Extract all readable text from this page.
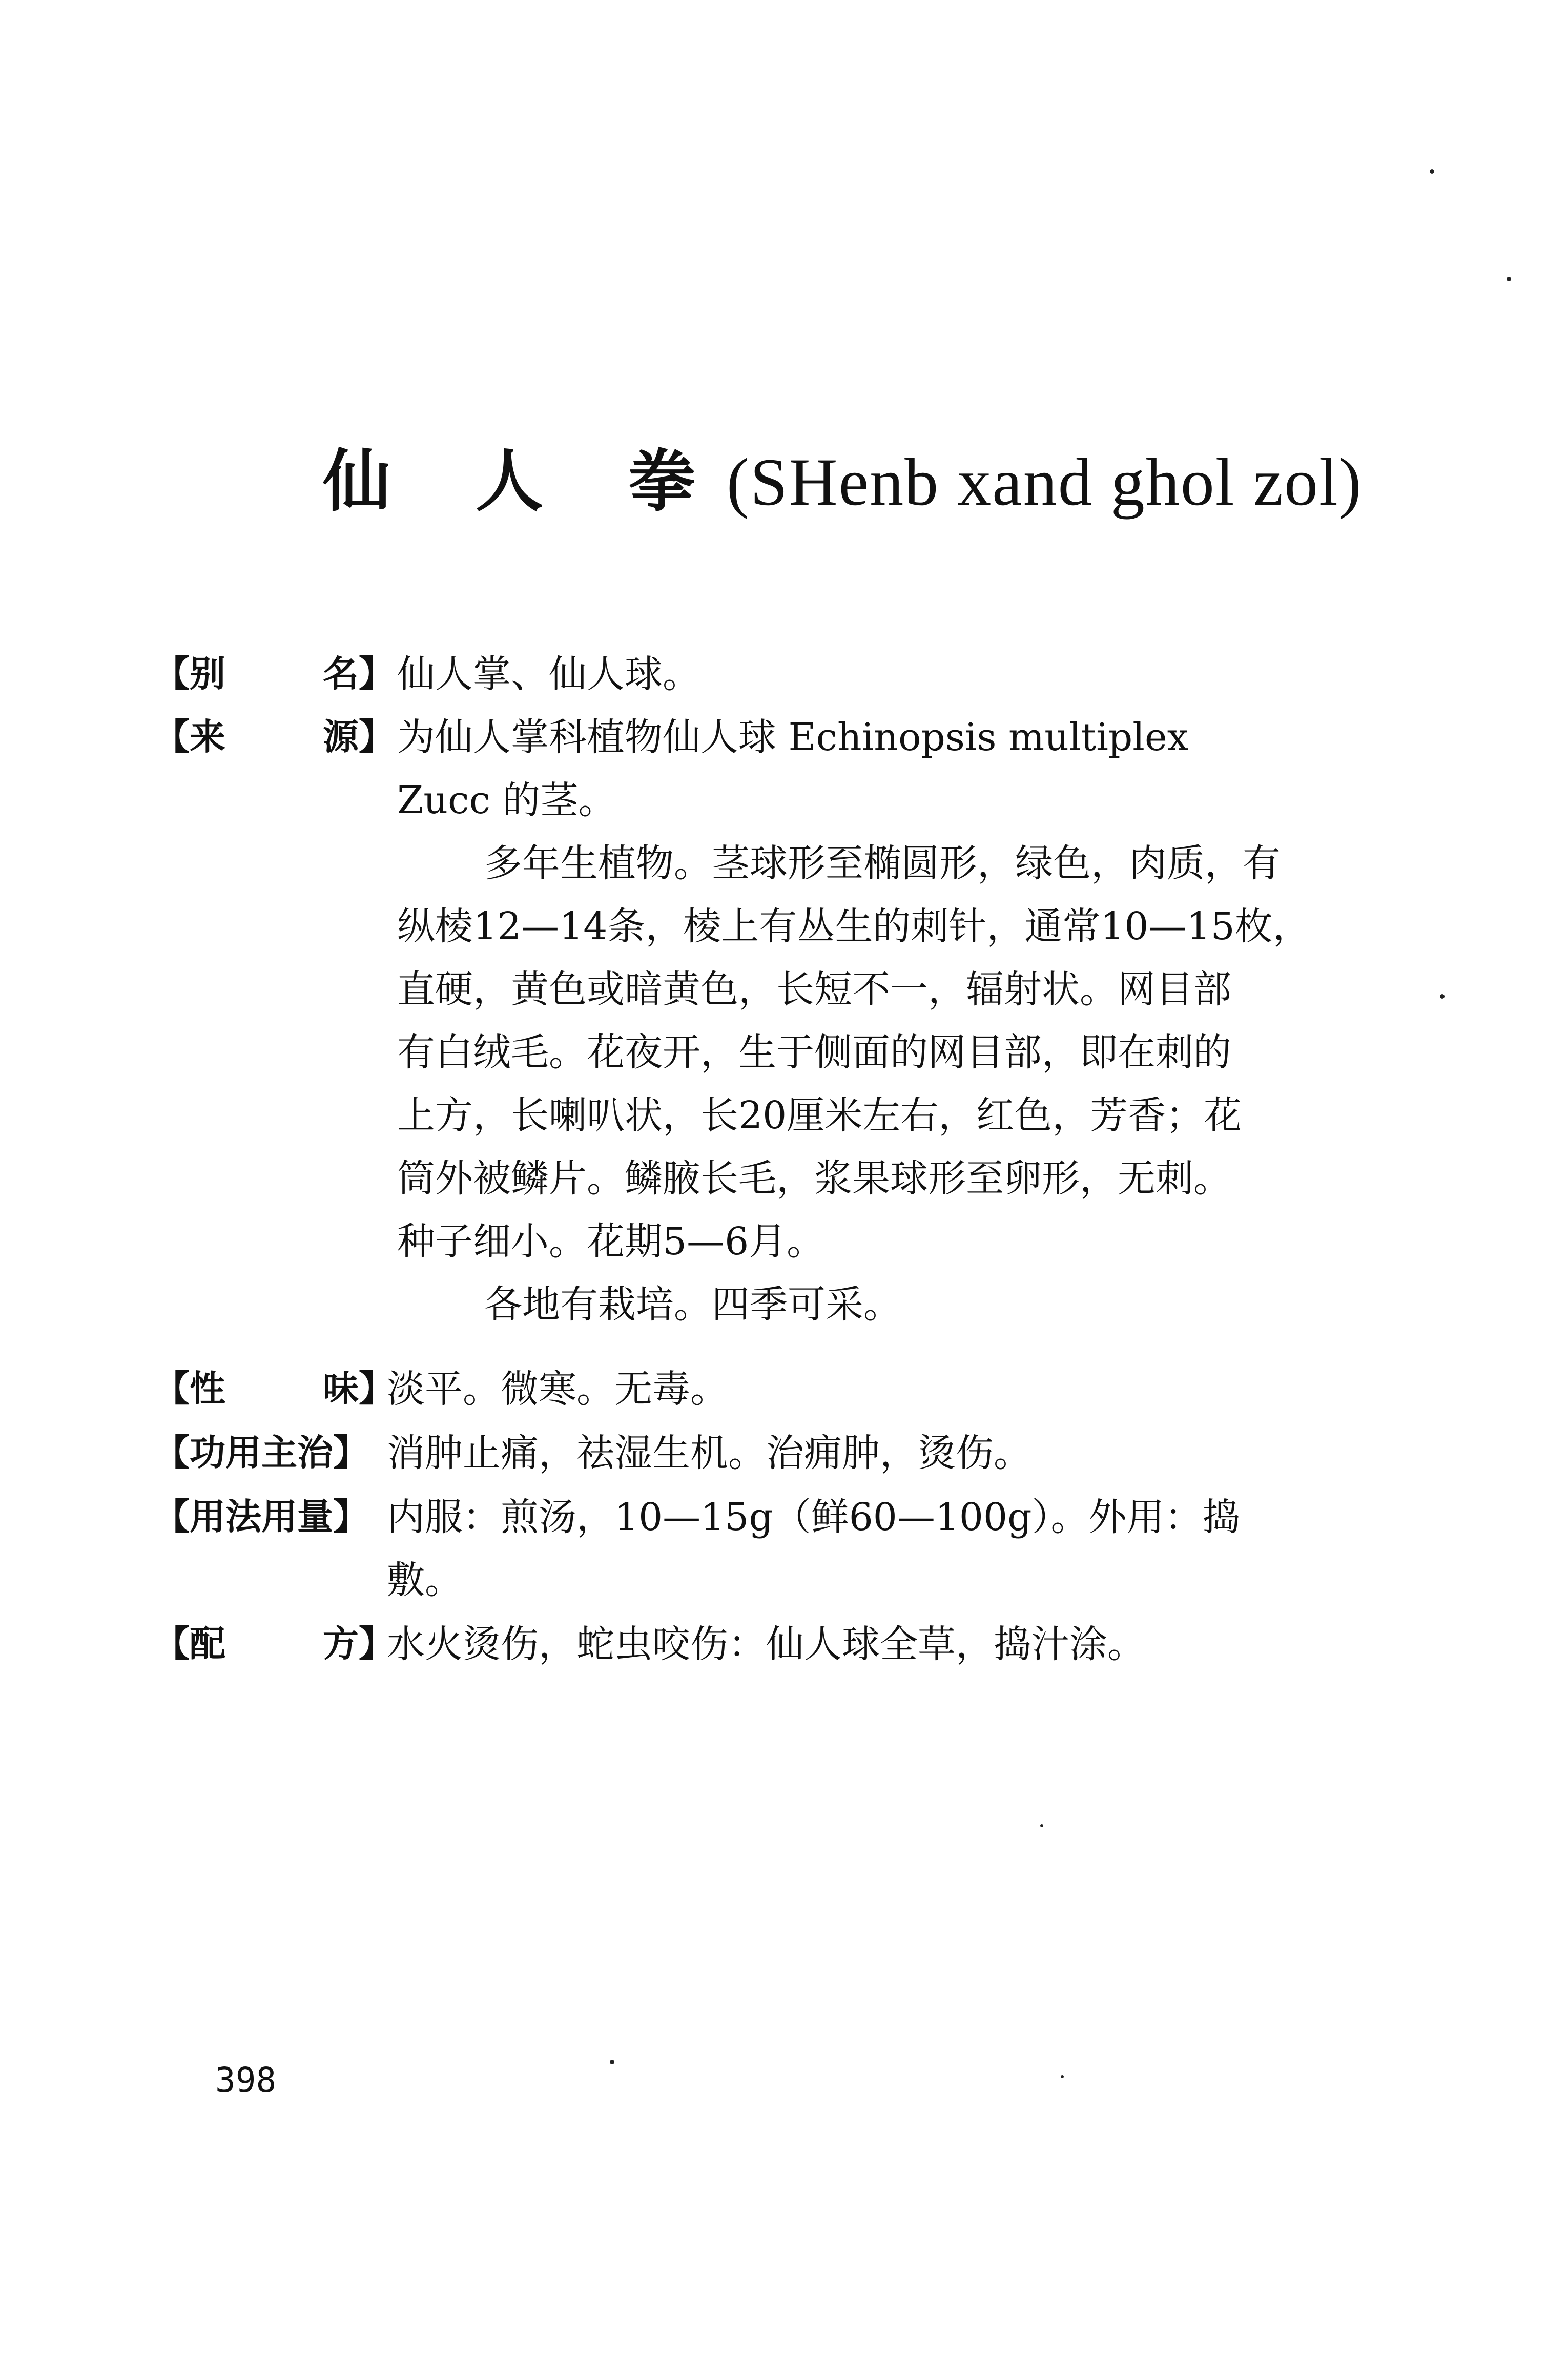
仙 人 拳(SHenb xand ghol zol)
【别	名】 仙人掌、仙人球。
【来	源】 为仙人掌科植物仙人球 Echinopsis multiplex
Zucc 的茎。
多年生植物。茎球形至椭圆形，绿色，肉质，有
纵棱12—14条，棱上有丛生的刺针，通常10—15枚，
直硬，黄色或暗黄色，长短不一，辐射状。网目部
有白绒毛。花夜开，生于侧面的网目部，即在刺的
上方，长喇叭状，长20厘米左右，红色，芳香；花
筒外被鳞片。鳞腋长毛，浆果球形至卵形，无刺。
种子细小。花期5—6月。
各地有栽培。四季可采。
【性	味】
淡平。微寒。无毒。
【功用主治】 消肿止痛，祛湿生机。治痈肿，烫伤。
【用法用量】 内服：煎汤，10—15g（鲜60—100g）。外用：捣
敷。
【配	方】
水火烫伤，蛇虫咬伤：仙人球全草，捣汁涂。
398
